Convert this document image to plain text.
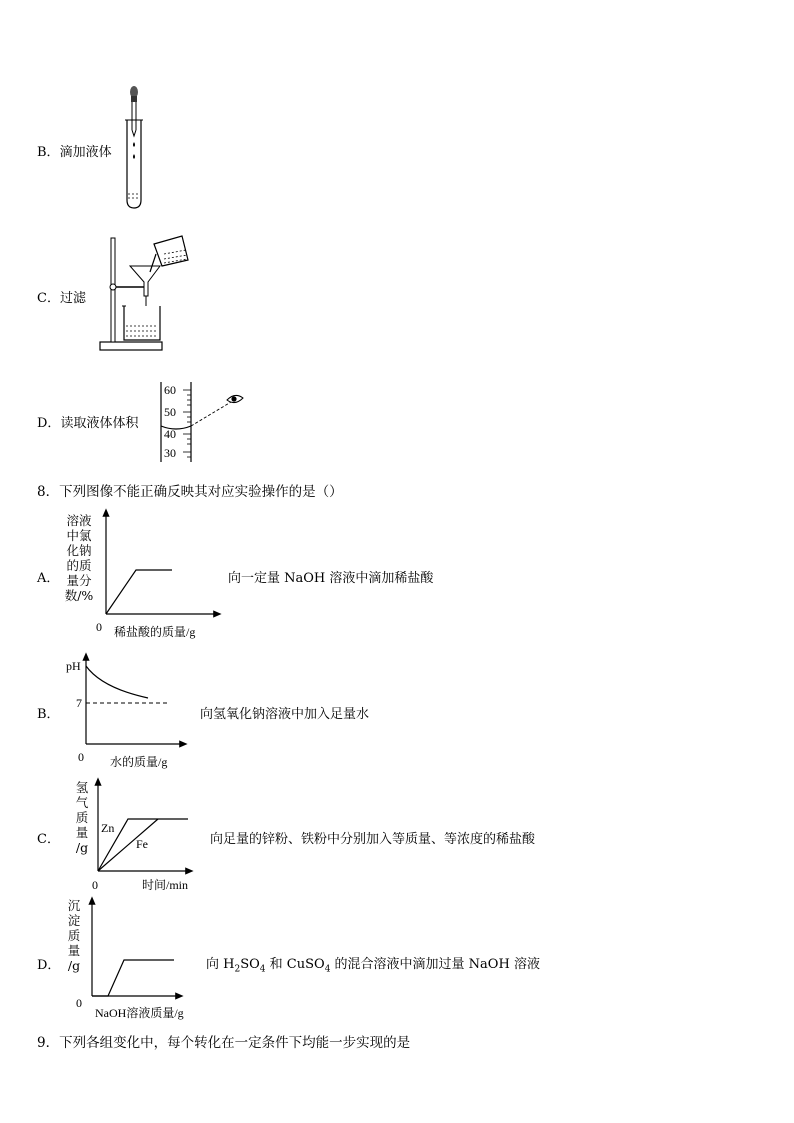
B．滴加液体
C．过滤
D．读取液体体积
60
50
40
30
8．下列图像不能正确反映其对应实验操作的是（）
A．
溶液
中氯
化钠
的质
量分
数/%
0 稀盐酸的质量/g
向一定量 NaOH 溶液中滴加稀盐酸
B．
pH
7
0 水的质量/g
向氢氧化钠溶液中加入足量水
C．
氢
气
质
量
/g
Zn
Fe
0	时间/min
向足量的锌粉、铁粉中分别加入等质量、等浓度的稀盐酸
D．
沉
淀
质
量
/g
0
NaOH溶液质量/g
向 $H_2SO_4$ 和 CuSO$_4$ 的混合溶液中滴加过量 NaOH 溶液
9．下列各组变化中，每个转化在一定条件下均能一步实现的是
